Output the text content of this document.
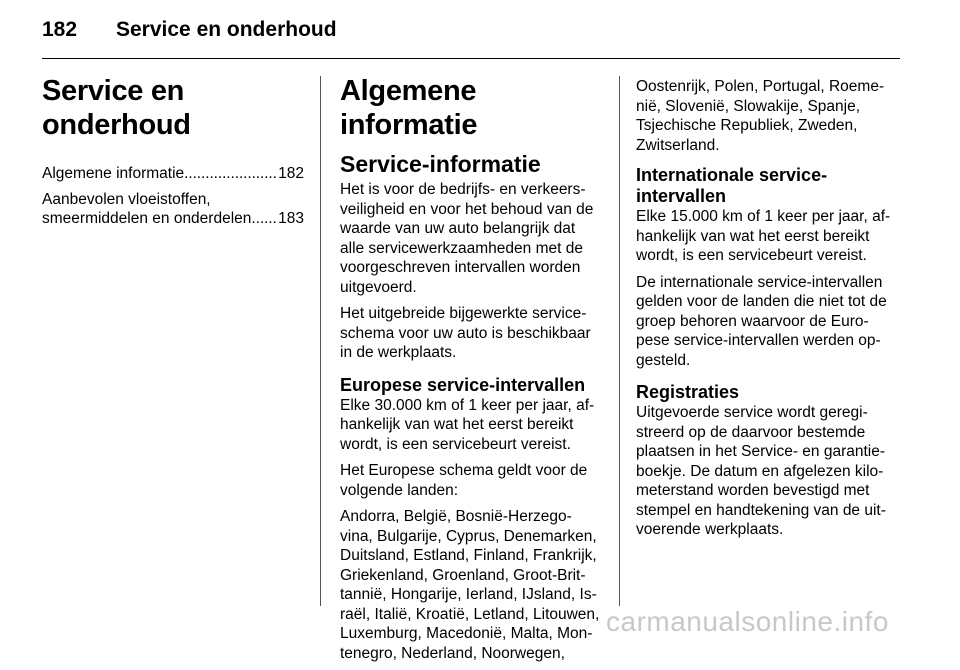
182 Service en onderhoud
Service en onderhoud
Algemene informatie . . .	182
Aanbevolen vloeistoffen,
smeermiddelen en onderdelen . . . 183
Algemene informatie
Service-informatie

Het is voor de bedrijfs- en verkeers-
veiligheid en voor het behoud van de
waarde van uw auto belangrijk dat
alle servicewerkzaamheden met de
voorgeschreven intervallen worden
uitgevoerd.

Het uitgebreide bijgewerkte service-
schema voor uw auto is beschikbaar
in de werkplaats.

Europese service-intervallen

Elke 30.000 km of 1 keer per jaar, af-
hankelijk van wat het eerst bereikt
wordt, is een servicebeurt vereist.

Het Europese schema geldt voor de
volgende landen:

Andorra, België, Bosnië-Herzego-
vina, Bulgarije, Cyprus, Denemarken,
Duitsland, Estland, Finland, Frankrijk,
Griekenland, Groenland, Groot-Brit-
tannië, Hongarije, Ierland, IJsland, Is-
raël, Italië, Kroatië, Letland, Litouwen,
Luxemburg, Macedonië, Malta, Mon-
tenegro, Nederland, Noorwegen,

Oostenrijk, Polen, Portugal, Roeme-
nië, Slovenië, Slowakije, Spanje,
Tsjechische Republiek, Zweden,
Zwitserland.

Internationale service-
intervallen

Elke 15.000 km of 1 keer per jaar, af-
hankelijk van wat het eerst bereikt
wordt, is een servicebeurt vereist.

De internationale service-intervallen
gelden voor de landen die niet tot de
groep behoren waarvoor de Euro-
pese service-intervallen werden op-
gesteld.

Registraties

Uitgevoerde service wordt geregi-
streerd op de daarvoor bestemde
plaatsen in het Service- en garantie-
boekje. De datum en afgelezen kilo-
meterstand worden bevestigd met
stempel en handtekening van de uit-
voerende werkplaats.

carmanualsonline.info
